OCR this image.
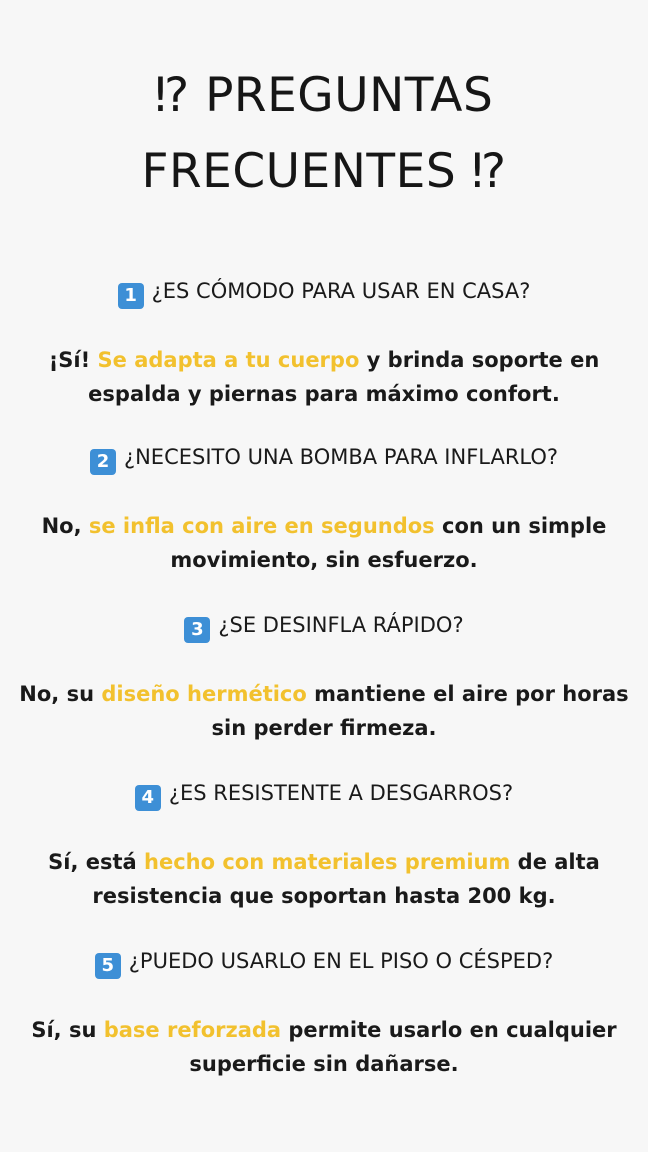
⁉ PREGUNTAS
FRECUENTES ⁉

1 ¿ES CÓMODO PARA USAR EN CASA?

¡Sí! Se adapta a tu cuerpo y brinda soporte en espalda y piernas para máximo confort.

2 ¿NECESITO UNA BOMBA PARA INFLARLO?

No, se infla con aire en segundos con un simple movimiento, sin esfuerzo.

3 ¿SE DESINFLA RÁPIDO?

No, su diseño hermético mantiene el aire por horas sin perder firmeza.

4 ¿ES RESISTENTE A DESGARROS?

Sí, está hecho con materiales premium de alta resistencia que soportan hasta 200 kg.

5 ¿PUEDO USARLO EN EL PISO O CÉSPED?

Sí, su base reforzada permite usarlo en cualquier superficie sin dañarse.
